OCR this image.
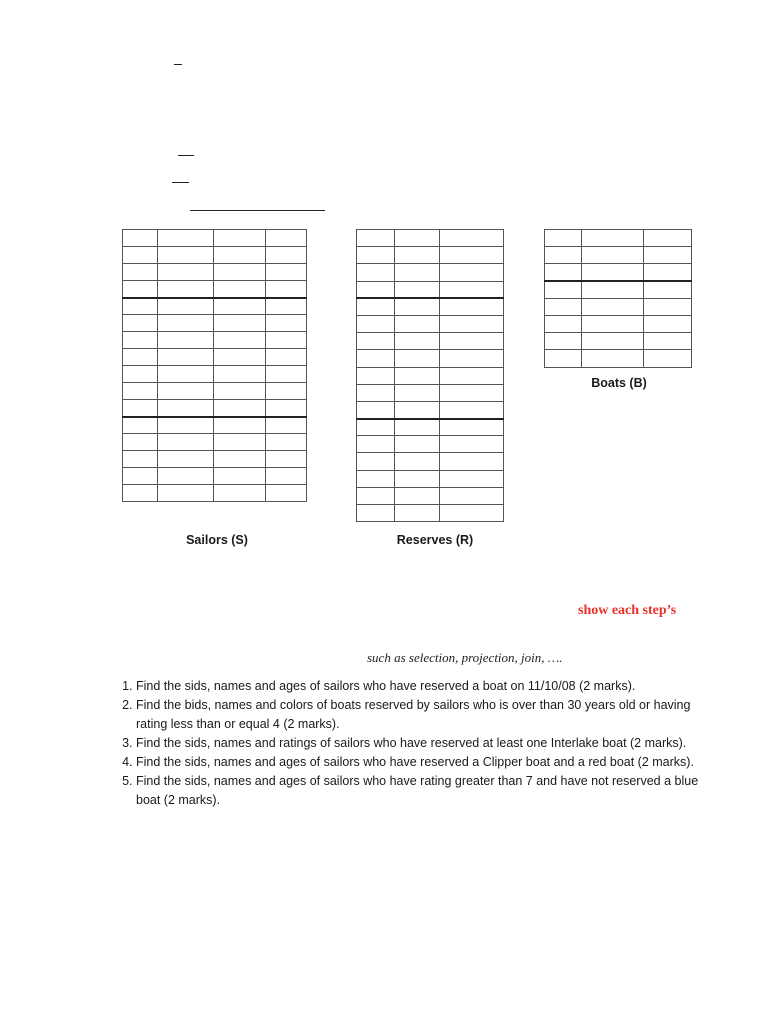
Sailors (S)

			Reserves (R)

Boats (B)
show each step’s
such as selection, projection, join, ….
1. Find the sids, names and ages of sailors who have reserved a boat on 11/10/08 (2 marks).
2. Find the bids, names and colors of boats reserved by sailors who is over than 30 years old or having rating less than or equal 4 (2 marks).
3. Find the sids, names and ratings of sailors who have reserved at least one Interlake boat (2 marks).
4. Find the sids, names and ages of sailors who have reserved a Clipper boat and a red boat (2 marks).
5. Find the sids, names and ages of sailors who have rating greater than 7 and have not reserved a blue boat (2 marks).
